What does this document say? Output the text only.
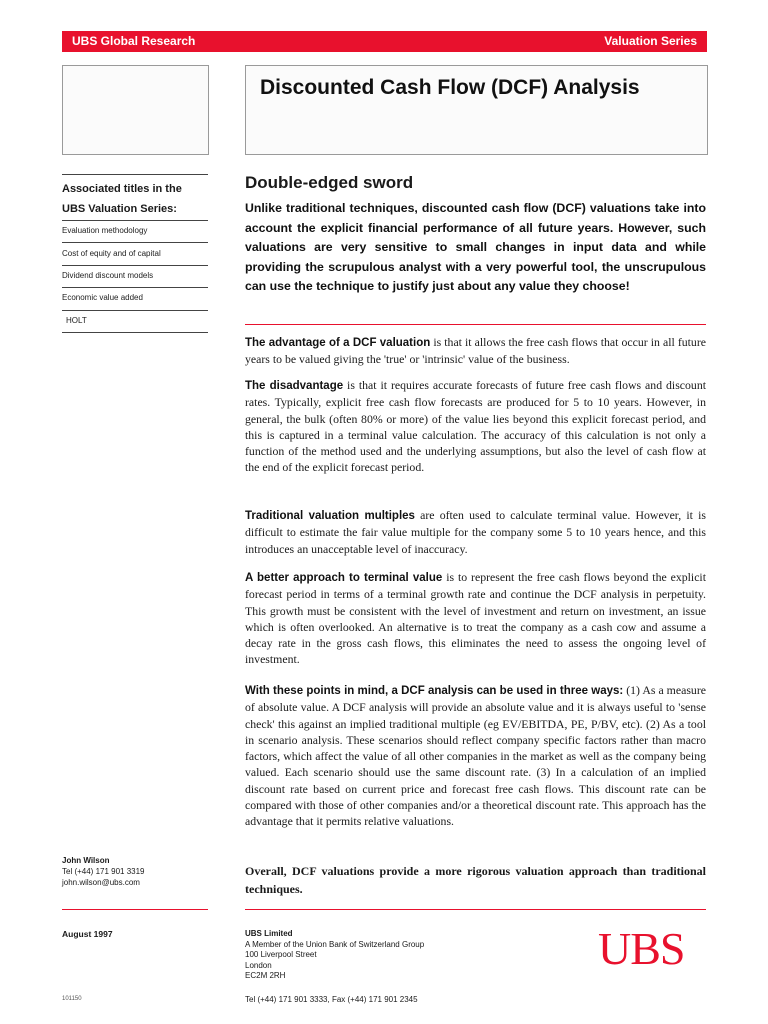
UBS Global Research	Valuation Series
Discounted Cash Flow (DCF) Analysis
Associated titles in the
UBS Valuation Series:
Evaluation methodology
Cost of equity and of capital
Dividend discount models
Economic value added
HOLT
Double-edged sword
Unlike traditional techniques, discounted cash flow (DCF) valuations take into account the explicit financial performance of all future years. However, such valuations are very sensitive to small changes in input data and while providing the scrupulous analyst with a very powerful tool, the unscrupulous can use the technique to justify just about any value they choose!
The advantage of a DCF valuation is that it allows the free cash flows that occur in all future years to be valued giving the 'true' or 'intrinsic' value of the business.
The disadvantage is that it requires accurate forecasts of future free cash flows and discount rates. Typically, explicit free cash flow forecasts are produced for 5 to 10 years. However, in general, the bulk (often 80% or more) of the value lies beyond this explicit forecast period, and this is captured in a terminal value calculation. The accuracy of this calculation is not only a function of the method used and the underlying assumptions, but also the level of cash flow at the end of the explicit forecast period.
Traditional valuation multiples are often used to calculate terminal value. However, it is difficult to estimate the fair value multiple for the company some 5 to 10 years hence, and this introduces an unacceptable level of inaccuracy.
A better approach to terminal value is to represent the free cash flows beyond the explicit forecast period in terms of a terminal growth rate and continue the DCF analysis in perpetuity. This growth must be consistent with the level of investment and return on investment, an issue which is often overlooked. An alternative is to treat the company as a cash cow and assume a decay rate in the gross cash flows, this eliminates the need to assess the ongoing level of investment.
With these points in mind, a DCF analysis can be used in three ways: (1) As a measure of absolute value. A DCF analysis will provide an absolute value and it is always useful to 'sense check' this against an implied traditional multiple (eg EV/EBITDA, PE, P/BV, etc). (2) As a tool in scenario analysis. These scenarios should reflect company specific factors rather than macro factors, which affect the value of all other companies in the market as well as the company being valued. Each scenario should use the same discount rate. (3) In a calculation of an implied discount rate based on current price and forecast free cash flows. This discount rate can be compared with those of other companies and/or a theoretical discount rate. This approach has the advantage that it permits relative valuations.
Overall, DCF valuations provide a more rigorous valuation approach than traditional techniques.
John Wilson
Tel (+44) 171 901 3319
john.wilson@ubs.com
August 1997	UBS Limited
A Member of the Union Bank of Switzerland Group
100 Liverpool Street
London
EC2M 2RH
UBS
101150	Tel (+44) 171 901 3333, Fax (+44) 171 901 2345
